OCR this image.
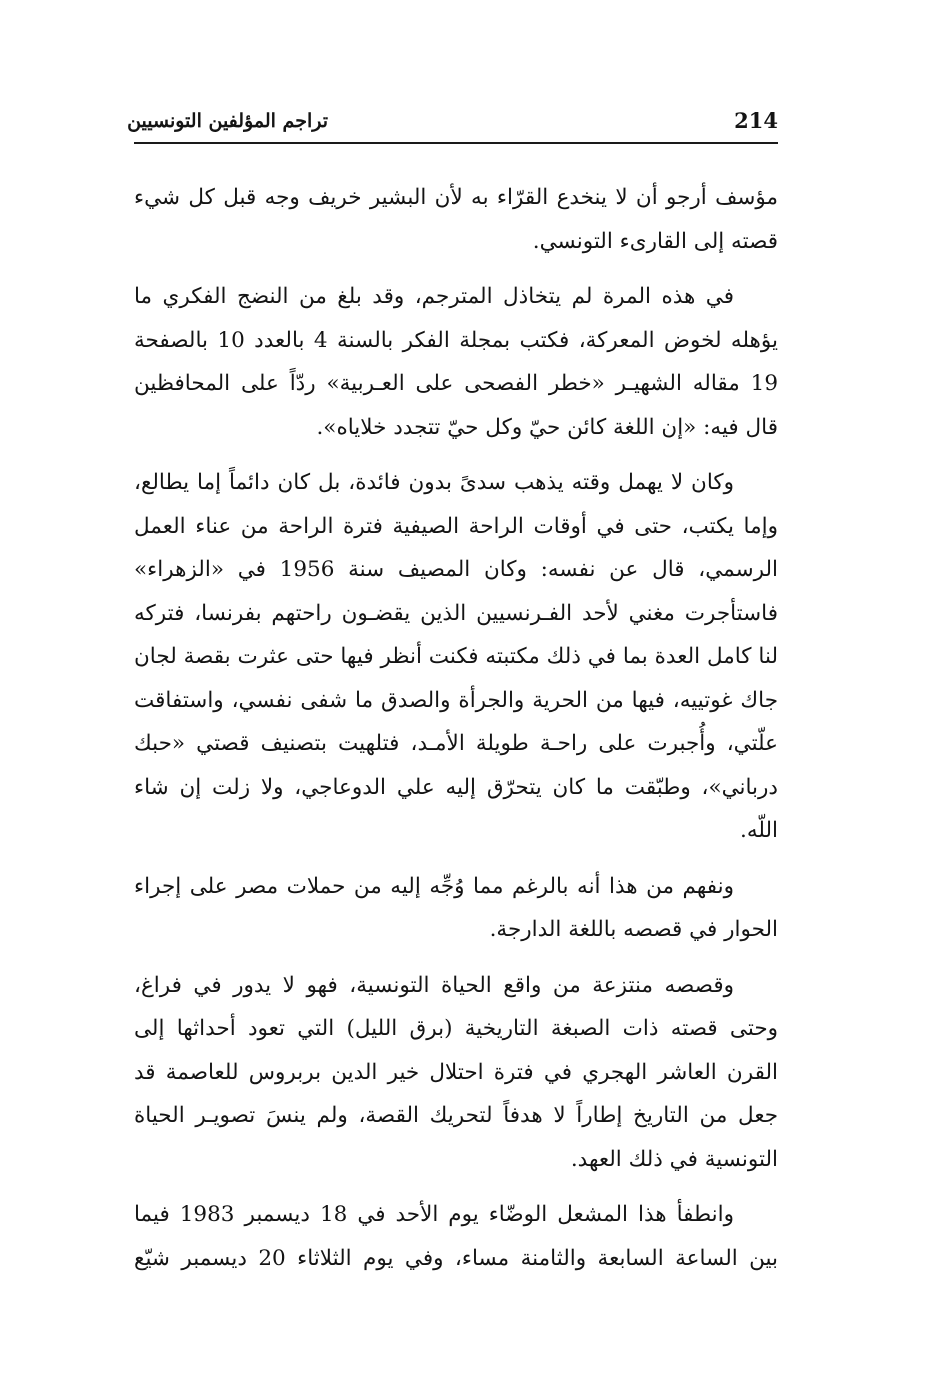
214
تراجم المؤلفين التونسيين

مؤسف أرجو أن لا ينخدع القرّاء به لأن البشير خريف وجه قبل كل شيء قصته إلى القارىء التونسي.

في هذه المرة لم يتخاذل المترجم، وقد بلغ من النضج الفكري ما يؤهله لخوض المعركة، فكتب بمجلة الفكر بالسنة 4 بالعدد 10 بالصفحة 19 مقاله الشهيـر «خطر الفصحى على العـربية» ردّاً على المحافظين قال فيه: «إن اللغة كائن حيّ وكل حيّ تتجدد خلاياه».

وكان لا يهمل وقته يذهب سدىً بدون فائدة، بل كان دائماً إما يطالع، وإما يكتب، حتى في أوقات الراحة الصيفية فترة الراحة من عناء العمل الرسمي، قال عن نفسه: وكان المصيف سنة 1956 في «الزهراء» فاستأجرت مغني لأحد الفـرنسيين الذين يقضـون راحتهم بفرنسا، فتركه لنا كامل العدة بما في ذلك مكتبته فكنت أنظر فيها حتى عثرت بقصة لجان جاك غوتييه، فيها من الحرية والجرأة والصدق ما شفى نفسي، واستفاقت علّتي، وأُجبرت على راحـة طويلة الأمـد، فتلهيت بتصنيف قصتي «حبك درباني»، وطبّقت ما كان يتحرّق إليه علي الدوعاجي، ولا زلت إن شاء اللّه.

ونفهم من هذا أنه بالرغم مما وُجِّه إليه من حملات مصر على إجراء الحوار في قصصه باللغة الدارجة.

وقصصه منتزعة من واقع الحياة التونسية، فهو لا يدور في فراغ، وحتى قصته ذات الصبغة التاريخية (برق الليل) التي تعود أحداثها إلى القرن العاشر الهجري في فترة احتلال خير الدين بربروس للعاصمة قد جعل من التاريخ إطاراً لا هدفاً لتحريك القصة، ولم ينسَ تصويـر الحياة التونسية في ذلك العهد.

وانطفأ هذا المشعل الوضّاء يوم الأحد في 18 ديسمبر 1983 فيما بين الساعة السابعة والثامنة مساء، وفي يوم الثلاثاء 20 ديسمبر شيّع
